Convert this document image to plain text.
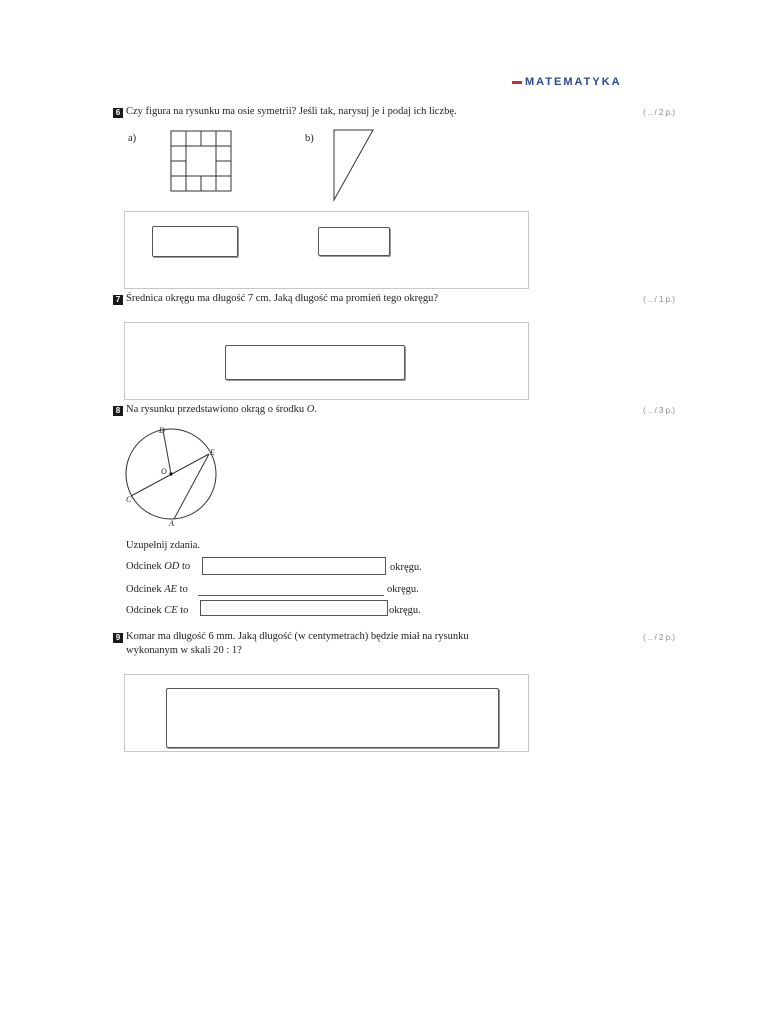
MATEMATYKA
6 Czy figura na rysunku ma osie symetrii? Jeśli tak, narysuj je i podaj ich liczbę.	( .. / 2 p.)
a)	b)
7 Średnica okręgu ma długość 7 cm. Jaką długość ma promień tego okręgu?	( .. / 1 p.)
8 Na rysunku przedstawiono okrąg o środku O.	( .. / 3 p.)
D
E
O
C
A
Uzupełnij zdania.
Odcinek OD to	okręgu.
Odcinek AE to	okręgu.
Odcinek CE to	okręgu.
9 Komar ma długość 6 mm. Jaką długość (w centymetrach) będzie miał na rysunku
wykonanym w skali 20 : 1?
( .. / 2 p.)
